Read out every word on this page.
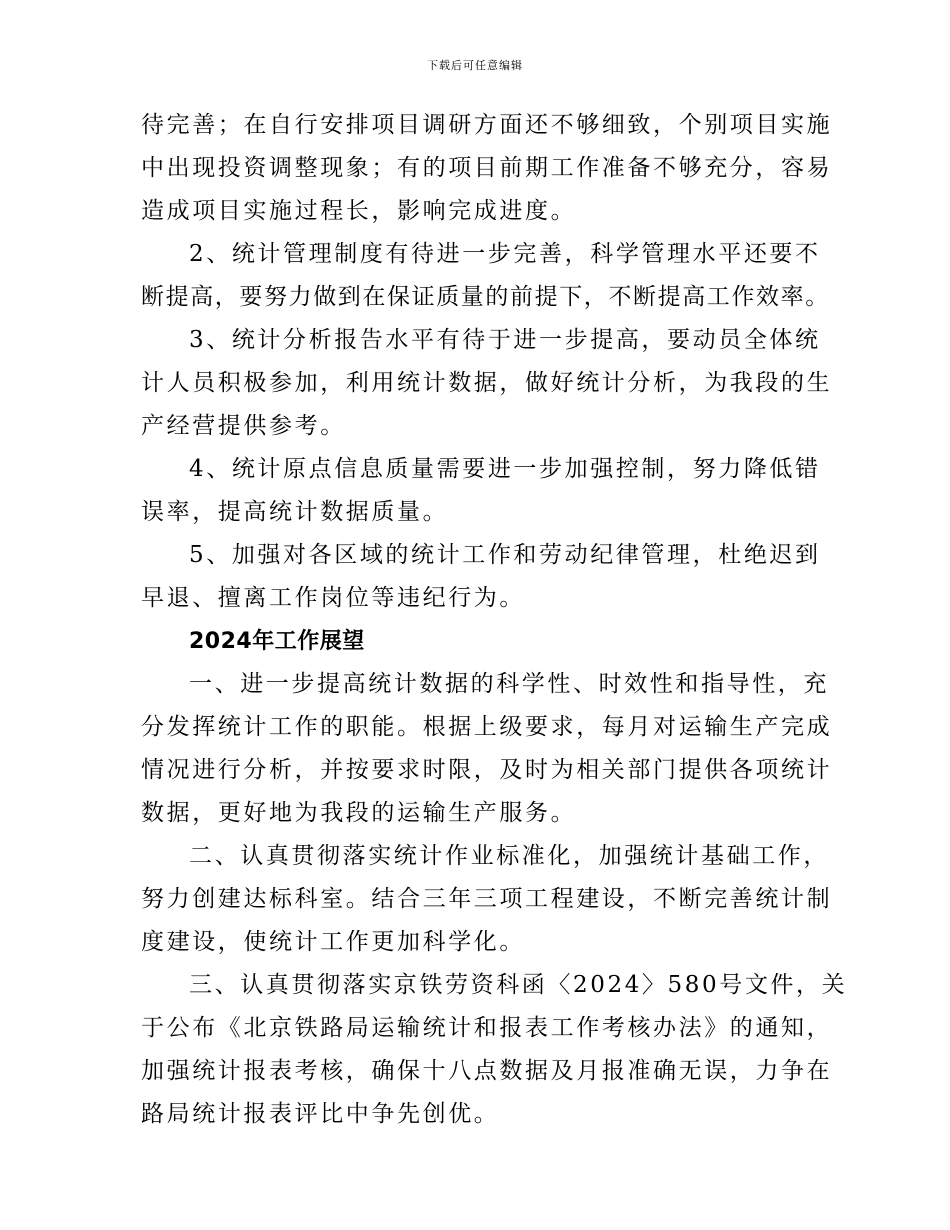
下载后可任意编辑
待完善；在自行安排项目调研方面还不够细致，个别项目实施
中出现投资调整现象；有的项目前期工作准备不够充分，容易
造成项目实施过程长，影响完成进度。
2、统计管理制度有待进一步完善，科学管理水平还要不
断提高，要努力做到在保证质量的前提下，不断提高工作效率。
3、统计分析报告水平有待于进一步提高，要动员全体统
计人员积极参加，利用统计数据，做好统计分析，为我段的生
产经营提供参考。
4、统计原点信息质量需要进一步加强控制，努力降低错
误率，提高统计数据质量。
5、加强对各区域的统计工作和劳动纪律管理，杜绝迟到
早退、擅离工作岗位等违纪行为。
2024年工作展望
一、进一步提高统计数据的科学性、时效性和指导性，充
分发挥统计工作的职能。根据上级要求，每月对运输生产完成
情况进行分析，并按要求时限，及时为相关部门提供各项统计
数据，更好地为我段的运输生产服务。
二、认真贯彻落实统计作业标准化，加强统计基础工作，
努力创建达标科室。结合三年三项工程建设，不断完善统计制
度建设，使统计工作更加科学化。
三、认真贯彻落实京铁劳资科函〈2024〉580号文件，关
于公布《北京铁路局运输统计和报表工作考核办法》的通知，
加强统计报表考核，确保十八点数据及月报准确无误，力争在
路局统计报表评比中争先创优。
